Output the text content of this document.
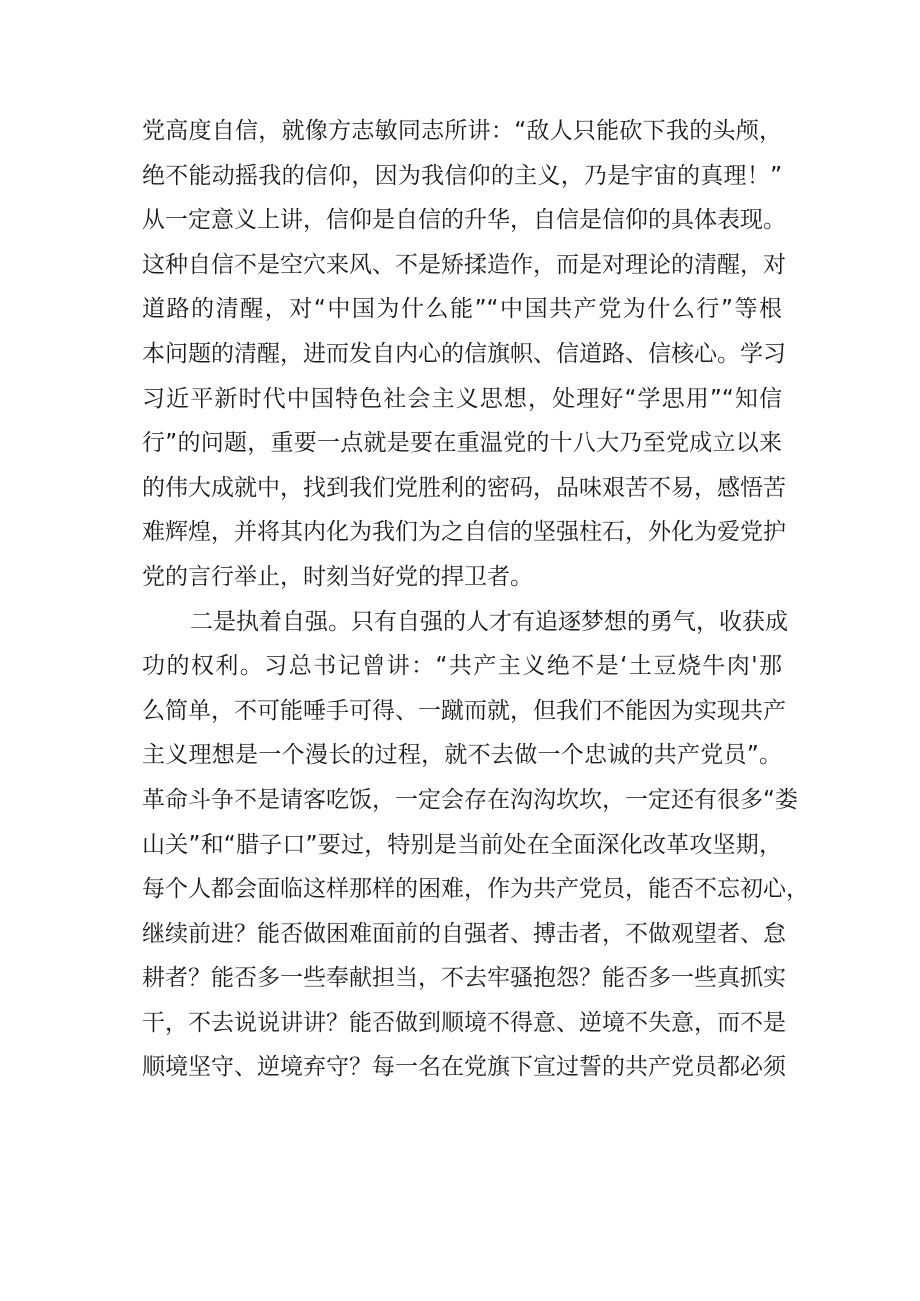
党高度自信，就像方志敏同志所讲：“敌人只能砍下我的头颅，
绝不能动摇我的信仰，因为我信仰的主义，乃是宇宙的真理！”
从一定意义上讲，信仰是自信的升华，自信是信仰的具体表现。
这种自信不是空穴来风、不是矫揉造作，而是对理论的清醒，对
道路的清醒，对“中国为什么能”“中国共产党为什么行”等根
本问题的清醒，进而发自内心的信旗帜、信道路、信核心。学习
习近平新时代中国特色社会主义思想，处理好“学思用”“知信
行”的问题，重要一点就是要在重温党的十八大乃至党成立以来
的伟大成就中，找到我们党胜利的密码，品味艰苦不易，感悟苦
难辉煌，并将其内化为我们为之自信的坚强柱石，外化为爱党护
党的言行举止，时刻当好党的捍卫者。
二是执着自强。只有自强的人才有追逐梦想的勇气，收获成
功的权利。习总书记曾讲：“共产主义绝不是‘土豆烧牛肉'那
么简单，不可能唾手可得、一蹴而就，但我们不能因为实现共产
主义理想是一个漫长的过程，就不去做一个忠诚的共产党员”。
革命斗争不是请客吃饭，一定会存在沟沟坎坎，一定还有很多“娄
山关”和“腊子口”要过，特别是当前处在全面深化改革攻坚期，
每个人都会面临这样那样的困难，作为共产党员，能否不忘初心，
继续前进？能否做困难面前的自强者、搏击者，不做观望者、怠
耕者？能否多一些奉献担当，不去牢骚抱怨？能否多一些真抓实
干，不去说说讲讲？能否做到顺境不得意、逆境不失意，而不是
顺境坚守、逆境弃守？每一名在党旗下宣过誓的共产党员都必须
